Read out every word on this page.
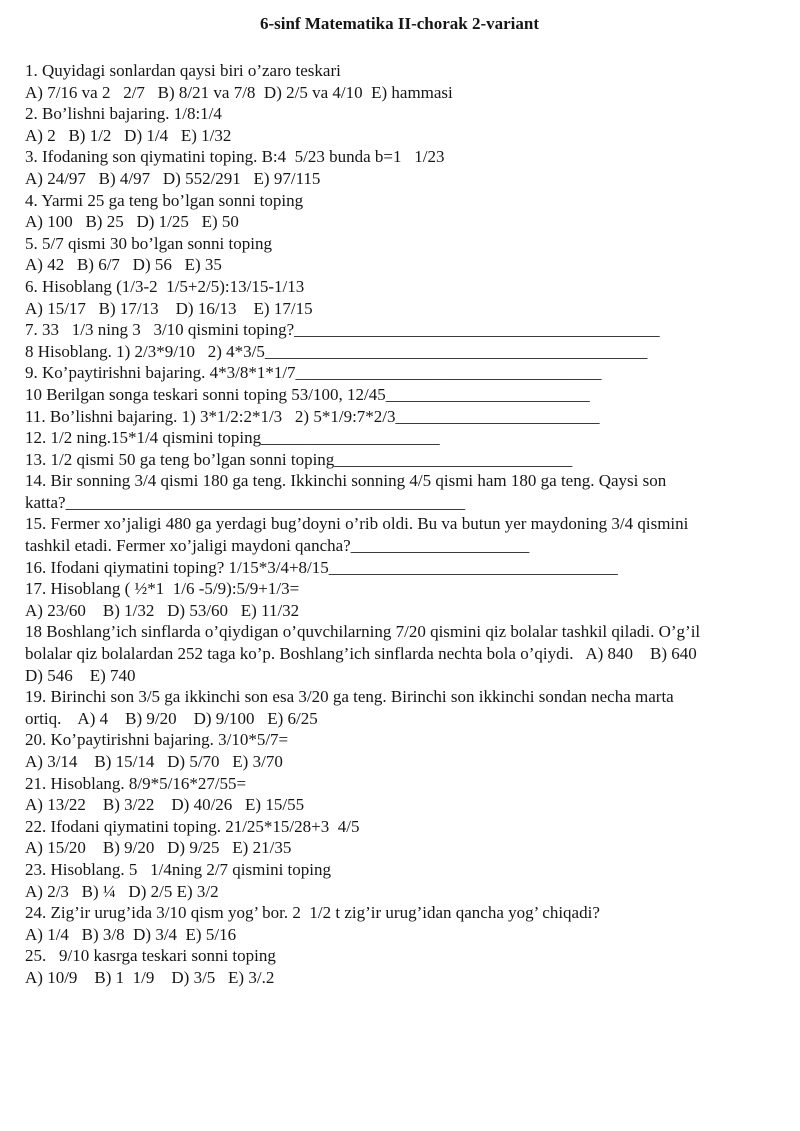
6-sinf Matematika II-chorak 2-variant
1. Quyidagi sonlardan qaysi biri o’zaro teskari
A) 7/16 va 2   2/7   B) 8/21 va 7/8  D) 2/5 va 4/10  E) hammasi
2. Bo’lishni bajaring. 1/8:1/4
A) 2   B) 1/2   D) 1/4   E) 1/32
3. Ifodaning son qiymatini toping. B:4  5/23 bunda b=1   1/23
A) 24/97   B) 4/97   D) 552/291   E) 97/115
4. Yarmi 25 ga teng bo’lgan sonni toping
A) 100   B) 25   D) 1/25   E) 50
5. 5/7 qismi 30 bo’lgan sonni toping
A) 42   B) 6/7   D) 56   E) 35
6. Hisoblang (1/3-2  1/5+2/5):13/15-1/13
A) 15/17   B) 17/13    D) 16/13    E) 17/15
7. 33   1/3 ning 3   3/10 qismini toping?___________________________________________
8 Hisoblang. 1) 2/3*9/10   2) 4*3/5_____________________________________________
9. Ko’paytirishni bajaring. 4*3/8*1*1/7____________________________________
10 Berilgan songa teskari sonni toping 53/100, 12/45________________________
11. Bo’lishni bajaring. 1) 3*1/2:2*1/3   2) 5*1/9:7*2/3________________________
12. 1/2 ning.15*1/4 qismini toping_____________________
13. 1/2 qismi 50 ga teng bo’lgan sonni toping____________________________
14. Bir sonning 3/4 qismi 180 ga teng. Ikkinchi sonning 4/5 qismi ham 180 ga teng. Qaysi son
katta?_______________________________________________
15. Fermer xo’jaligi 480 ga yerdagi bug’doyni o’rib oldi. Bu va butun yer maydoning 3/4 qismini
tashkil etadi. Fermer xo’jaligi maydoni qancha?_____________________
16. Ifodani qiymatini toping? 1/15*3/4+8/15__________________________________
17. Hisoblang ( ½*1  1/6 -5/9):5/9+1/3=
A) 23/60    B) 1/32   D) 53/60   E) 11/32
18 Boshlang’ich sinflarda o’qiydigan o’quvchilarning 7/20 qismini qiz bolalar tashkil qiladi. O’g’il
bolalar qiz bolalardan 252 taga ko’p. Boshlang’ich sinflarda nechta bola o’qiydi.   A) 840    B) 640
D) 546    E) 740
19. Birinchi son 3/5 ga ikkinchi son esa 3/20 ga teng. Birinchi son ikkinchi sondan necha marta
ortiq.    A) 4    B) 9/20    D) 9/100   E) 6/25
20. Ko’paytirishni bajaring. 3/10*5/7=
A) 3/14    B) 15/14   D) 5/70   E) 3/70
21. Hisoblang. 8/9*5/16*27/55=
A) 13/22    B) 3/22    D) 40/26   E) 15/55
22. Ifodani qiymatini toping. 21/25*15/28+3  4/5
A) 15/20    B) 9/20   D) 9/25   E) 21/35
23. Hisoblang. 5   1/4ning 2/7 qismini toping
A) 2/3   B) ¼   D) 2/5 E) 3/2
24. Zig’ir urug’ida 3/10 qism yog’ bor. 2  1/2 t zig’ir urug’idan qancha yog’ chiqadi?
A) 1/4   B) 3/8  D) 3/4  E) 5/16
25.   9/10 kasrga teskari sonni toping
A) 10/9    B) 1  1/9    D) 3/5   E) 3/.2
